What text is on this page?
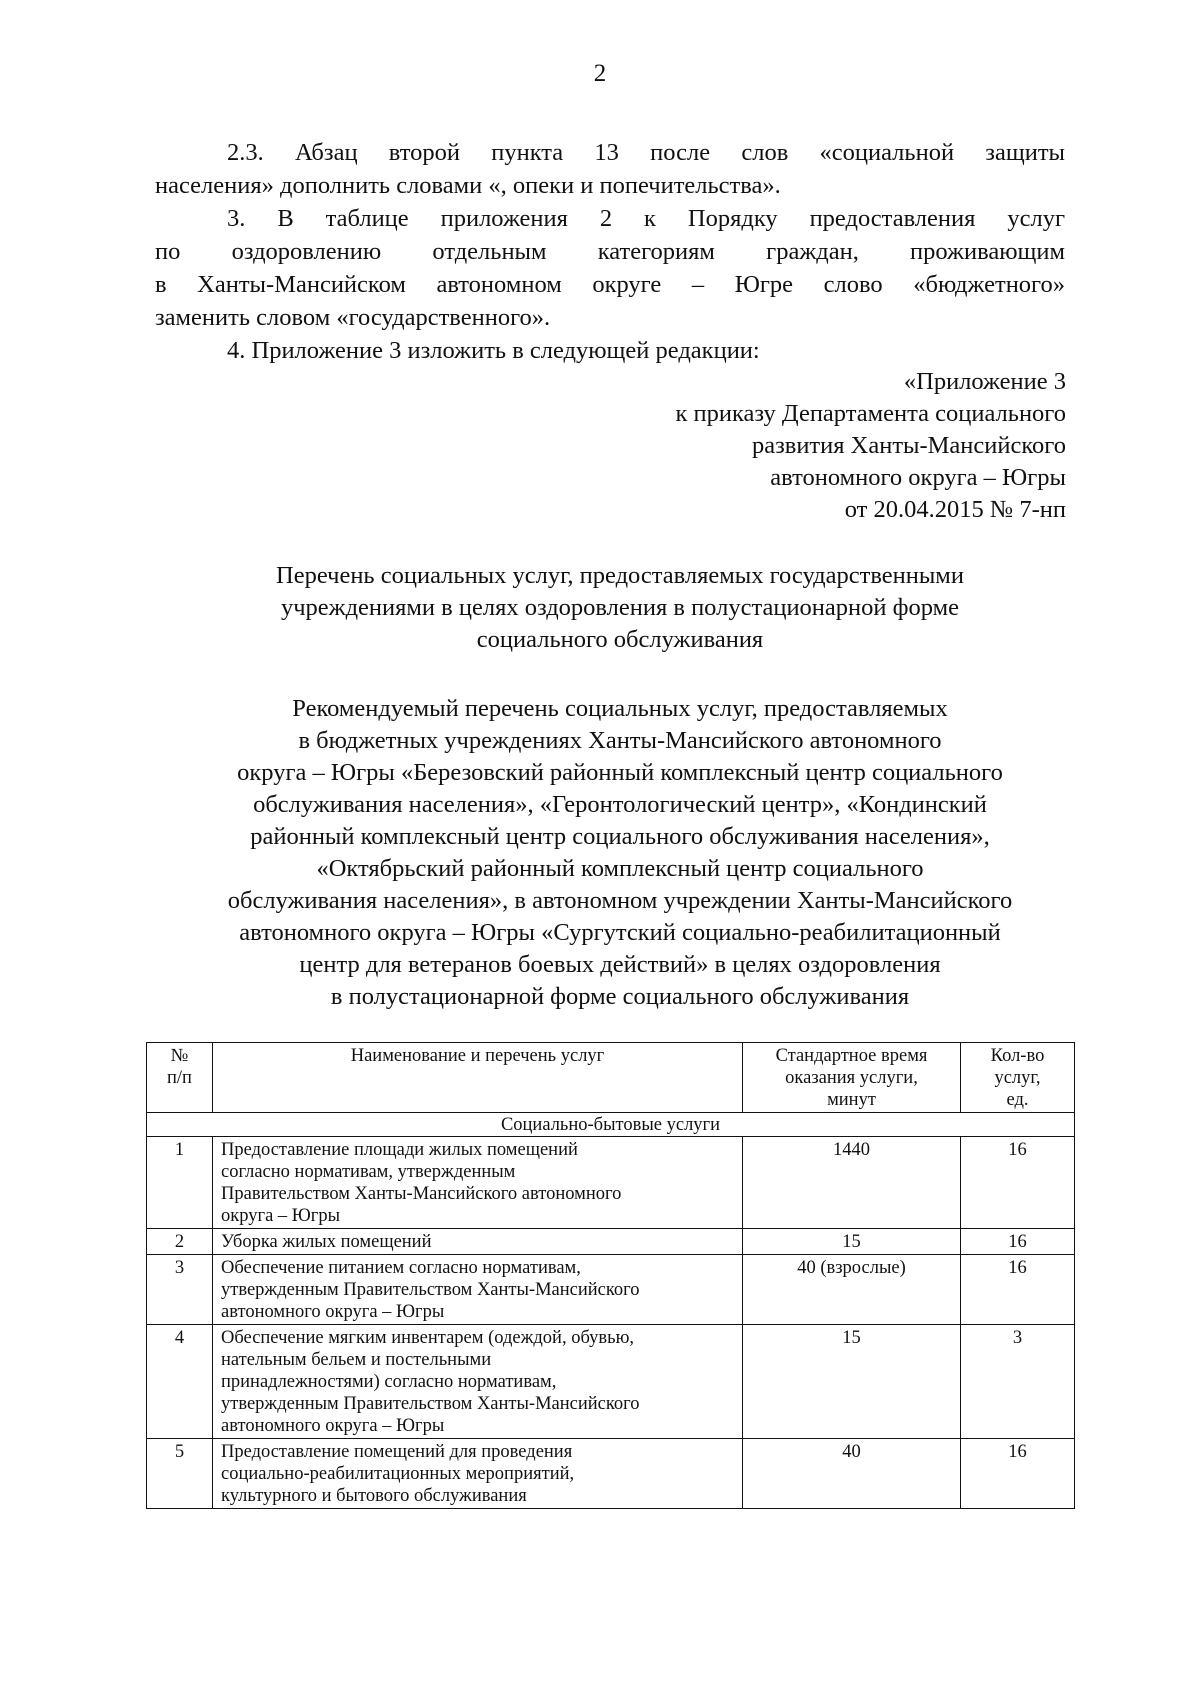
2

2.3. Абзац второй пункта 13 после слов «социальной защиты

населения» дополнить словами «, опеки и попечительства».

3. В таблице приложения 2 к Порядку предоставления услуг

по оздоровлению отдельным категориям граждан, проживающим

в Ханты-Мансийском автономном округе – Югре слово «бюджетного»

заменить словом «государственного».

4. Приложение 3 изложить в следующей редакции:

«Приложение 3
к приказу Департамента социального
развития Ханты-Мансийского
автономного округа – Югры
от 20.04.2015 № 7-нп
Перечень социальных услуг, предоставляемых государственными
учреждениями в целях оздоровления в полустационарной форме
социального обслуживания
Рекомендуемый перечень социальных услуг, предоставляемых
в бюджетных учреждениях Ханты-Мансийского автономного
округа – Югры «Березовский районный комплексный центр социального
обслуживания населения», «Геронтологический центр», «Кондинский
районный комплексный центр социального обслуживания населения»,
«Октябрьский районный комплексный центр социального
обслуживания населения», в автономном учреждении Ханты-Мансийского
автономного округа – Югры «Сургутский социально-реабилитационный
центр для ветеранов боевых действий» в целях оздоровления
в полустационарной форме социального обслуживания
№
п/п	Наименование и перечень услуг	Стандартное время
оказания услуги,
минут	Кол-во
услуг,
ед.

Социально-бытовые услуги			
1	Предоставление площади жилых помещений
согласно нормативам, утвержденным
Правительством Ханты-Мансийского автономного
округа – Югры	1440	16
2	Уборка жилых помещений	15	16
3	Обеспечение питанием согласно нормативам,
утвержденным Правительством Ханты-Мансийского
автономного округа – Югры	40 (взрослые)	16
4	Обеспечение мягким инвентарем (одеждой, обувью,
нательным бельем и постельными
принадлежностями) согласно нормативам,
утвержденным Правительством Ханты-Мансийского
автономного округа – Югры	15	3
5	Предоставление помещений для проведения
социально-реабилитационных мероприятий,
культурного и бытового обслуживания	40	16
